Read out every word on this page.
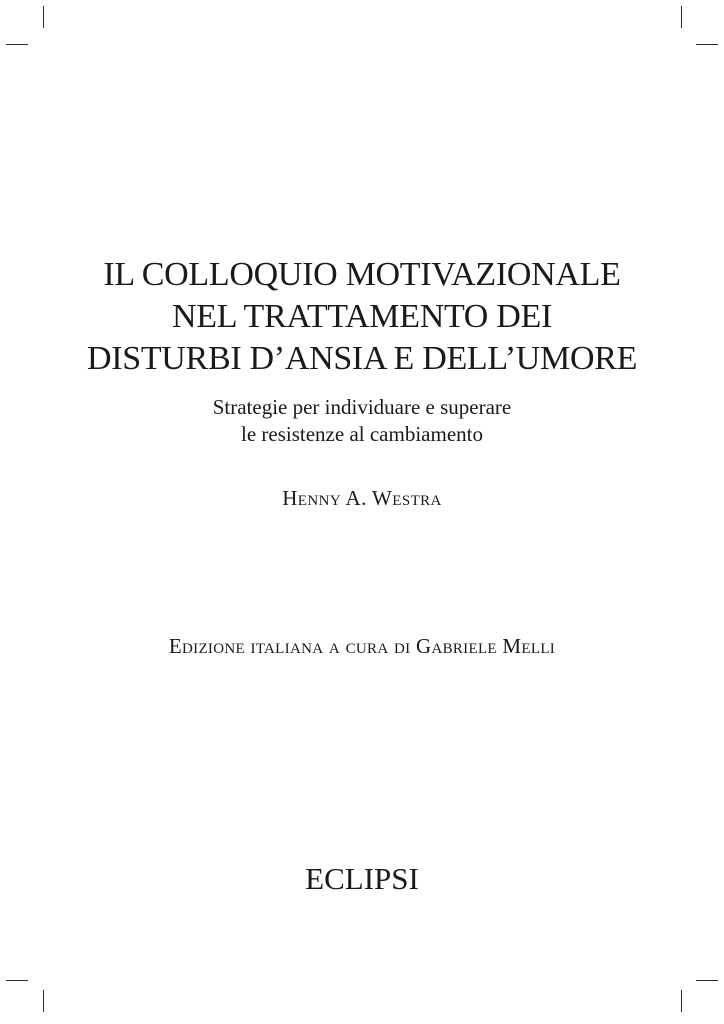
IL COLLOQUIO MOTIVAZIONALE
NEL TRATTAMENTO DEI
DISTURBI D’ANSIA E DELL’UMORE
Strategie per individuare e superare
le resistenze al cambiamento
Henny A. Westra
Edizione italiana a cura di Gabriele Melli
ECLIPSI
